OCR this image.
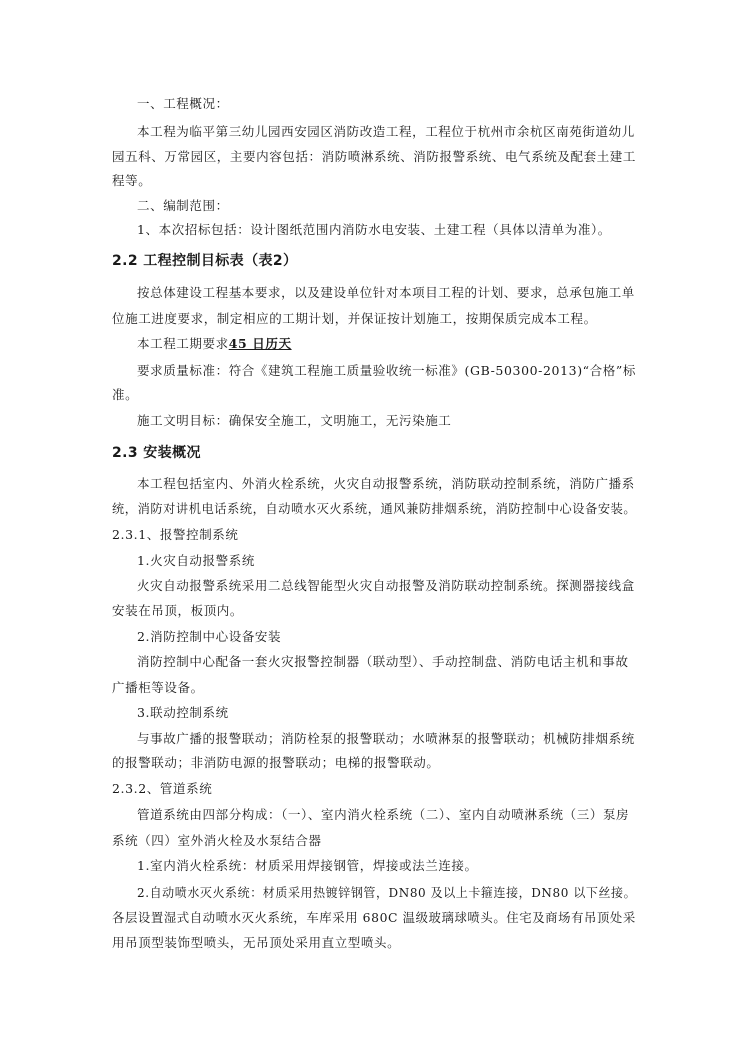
一、工程概况：
本工程为临平第三幼儿园西安园区消防改造工程，工程位于杭州市余杭区南苑街道幼儿
园五科、万常园区，主要内容包括：消防喷淋系统、消防报警系统、电气系统及配套土建工
程等。
二、编制范围：
1、本次招标包括：设计图纸范围内消防水电安装、土建工程（具体以清单为准）。
2.2 工程控制目标表（表2）
按总体建设工程基本要求，以及建设单位针对本项目工程的计划、要求，总承包施工单
位施工进度要求，制定相应的工期计划，并保证按计划施工，按期保质完成本工程。
本工程工期要求45 日历天
要求质量标准：符合《建筑工程施工质量验收统一标准》(GB-50300-2013)“合格”标
准。
施工文明目标：确保安全施工，文明施工，无污染施工
2.3 安装概况
本工程包括室内、外消火栓系统，火灾自动报警系统，消防联动控制系统，消防广播系
统，消防对讲机电话系统，自动喷水灭火系统，通风兼防排烟系统，消防控制中心设备安装。
2.3.1、报警控制系统
1.火灾自动报警系统
火灾自动报警系统采用二总线智能型火灾自动报警及消防联动控制系统。探测器接线盒
安装在吊顶，板顶内。
2.消防控制中心设备安装
消防控制中心配备一套火灾报警控制器（联动型）、手动控制盘、消防电话主机和事故
广播柜等设备。
3.联动控制系统
与事故广播的报警联动；消防栓泵的报警联动；水喷淋泵的报警联动；机械防排烟系统
的报警联动；非消防电源的报警联动；电梯的报警联动。
2.3.2、管道系统
管道系统由四部分构成：（一）、室内消火栓系统（二）、室内自动喷淋系统（三）泵房
系统（四）室外消火栓及水泵结合器
1.室内消火栓系统：材质采用焊接钢管，焊接或法兰连接。
2.自动喷水灭火系统：材质采用热镀锌钢管，DN80 及以上卡箍连接，DN80 以下丝接。
各层设置湿式自动喷水灭火系统，车库采用 680C 温级玻璃球喷头。住宅及商场有吊顶处采
用吊顶型装饰型喷头，无吊顶处采用直立型喷头。
